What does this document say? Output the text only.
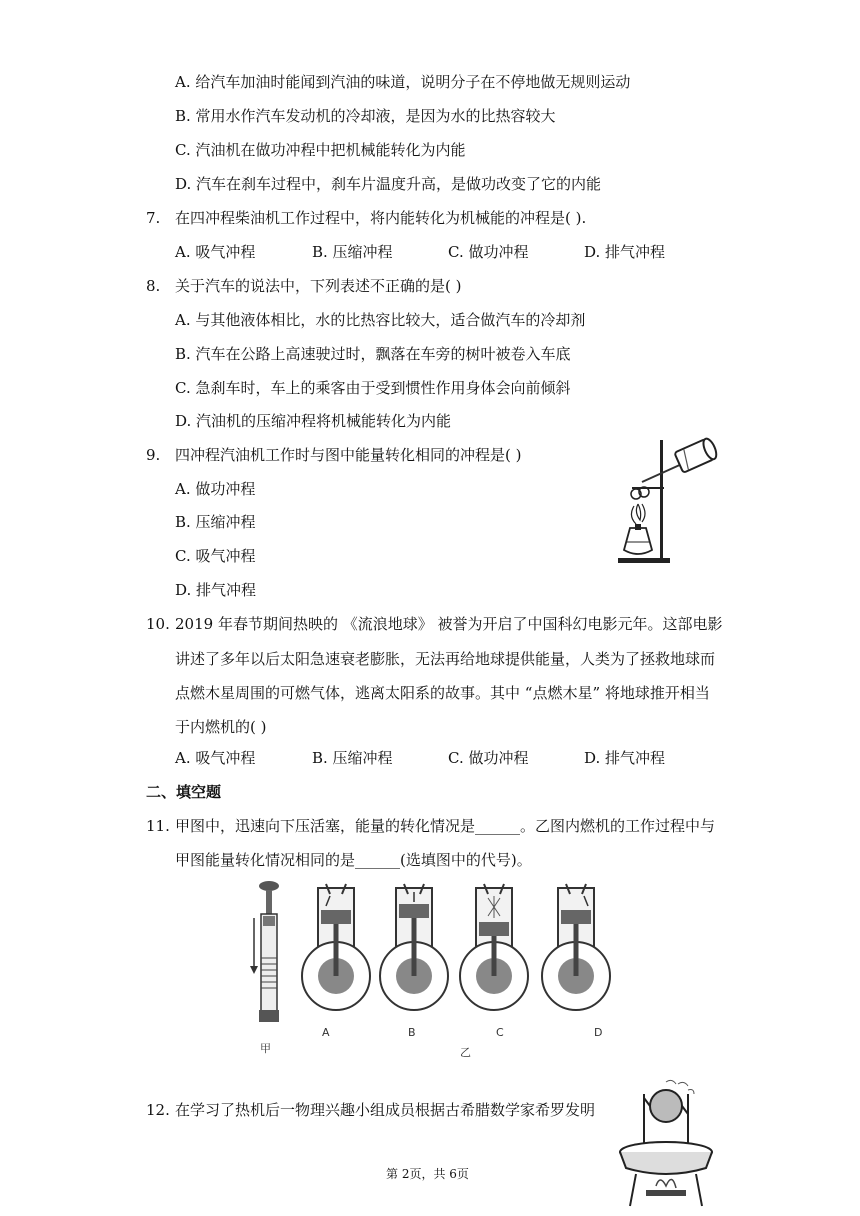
A. 给汽车加油时能闻到汽油的味道，说明分子在不停地做无规则运动
B. 常用水作汽车发动机的冷却液，是因为水的比热容较大
C. 汽油机在做功冲程中把机械能转化为内能
D. 汽车在刹车过程中，刹车片温度升高，是做功改变了它的内能
7. 在四冲程柴油机工作过程中，将内能转化为机械能的冲程是( ).
A. 吸气冲程	B. 压缩冲程	C. 做功冲程	D. 排气冲程
8. 关于汽车的说法中，下列表述不正确的是( )
A. 与其他液体相比，水的比热容比较大，适合做汽车的冷却剂
B. 汽车在公路上高速驶过时，飘落在车旁的树叶被卷入车底
C. 急刹车时，车上的乘客由于受到惯性作用身体会向前倾斜
D. 汽油机的压缩冲程将机械能转化为内能
9. 四冲程汽油机工作时与图中能量转化相同的冲程是( )
A. 做功冲程
B. 压缩冲程
C. 吸气冲程
D. 排气冲程
10. 2019 年春节期间热映的 《流浪地球》 被誉为开启了中国科幻电影元年。这部电影
讲述了多年以后太阳急速衰老膨胀，无法再给地球提供能量，人类为了拯救地球而
点燃木星周围的可燃气体，逃离太阳系的故事。其中 “点燃木星” 将地球推开相当
于内燃机的( )
A. 吸气冲程	B. 压缩冲程	C. 做功冲程	D. 排气冲程
二、填空题
11. 甲图中，迅速向下压活塞，能量的转化情况是______。乙图内燃机的工作过程中与
甲图能量转化情况相同的是______(选填图中的代号)。
甲
A	B	C	D
乙
12. 在学习了热机后一物理兴趣小组成员根据古希腊数学家希罗发明
第 2页，共 6页
